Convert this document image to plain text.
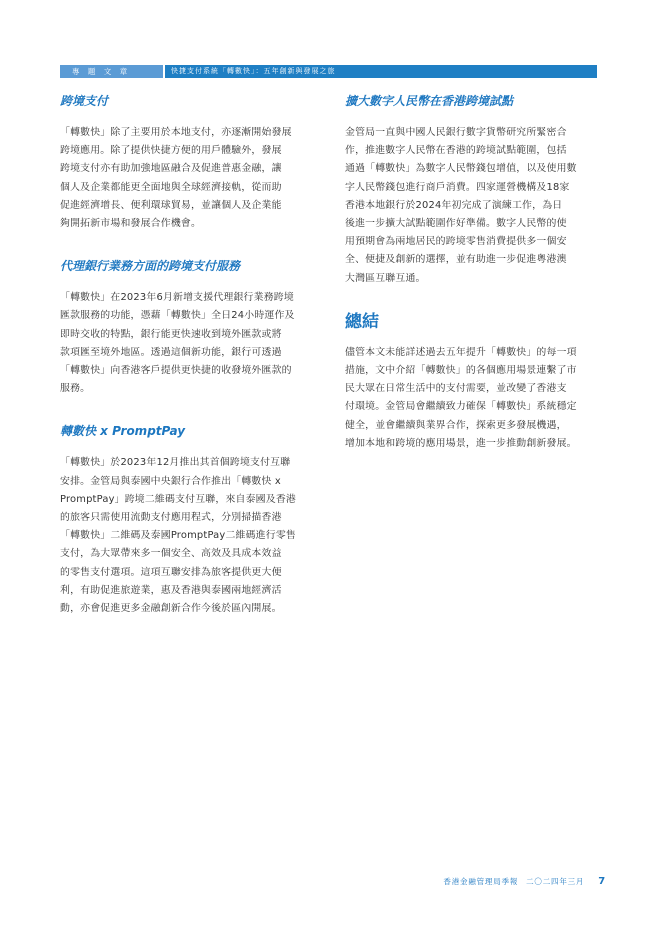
專 題 文 章	快捷支付系統「轉數快」：五年創新與發展之旅
跨境支付

「轉數快」除了主要用於本地支付，亦逐漸開始發展
跨境應用。除了提供快捷方便的用戶體驗外，發展
跨境支付亦有助加強地區融合及促進普惠金融，讓
個人及企業都能更全面地與全球經濟接軌，從而助
促進經濟增長、便利環球貿易，並讓個人及企業能
夠開拓新市場和發展合作機會。

代理銀行業務方面的跨境支付服務

「轉數快」在2023年6月新增支援代理銀行業務跨境
匯款服務的功能，憑藉「轉數快」全日24小時運作及
即時交收的特點，銀行能更快速收到境外匯款或將
款項匯至境外地區。透過這個新功能，銀行可透過
「轉數快」向香港客戶提供更快捷的收發境外匯款的
服務。

轉數快 x PromptPay

「轉數快」於2023年12月推出其首個跨境支付互聯
安排。金管局與泰國中央銀行合作推出「轉數快 x
PromptPay」跨境二維碼支付互聯，來自泰國及香港
的旅客只需使用流動支付應用程式，分別掃描香港
「轉數快」二維碼及泰國PromptPay二維碼進行零售
支付，為大眾帶來多一個安全、高效及具成本效益
的零售支付選項。這項互聯安排為旅客提供更大便
利，有助促進旅遊業，惠及香港與泰國兩地經濟活
動，亦會促進更多金融創新合作今後於區內開展。

擴大數字人民幣在香港跨境試點

金管局一直與中國人民銀行數字貨幣研究所緊密合
作，推進數字人民幣在香港的跨境試點範圍，包括
通過「轉數快」為數字人民幣錢包增值，以及使用數
字人民幣錢包進行商戶消費。四家運營機構及18家
香港本地銀行於2024年初完成了演練工作，為日
後進一步擴大試點範圍作好準備。數字人民幣的使
用預期會為兩地居民的跨境零售消費提供多一個安
全、便捷及創新的選擇，並有助進一步促進粵港澳
大灣區互聯互通。

總結

儘管本文未能詳述過去五年提升「轉數快」的每一項
措施，文中介紹「轉數快」的各個應用場景連繫了市
民大眾在日常生活中的支付需要，並改變了香港支
付環境。金管局會繼續致力確保「轉數快」系統穩定
健全，並會繼續與業界合作，探索更多發展機遇，
增加本地和跨境的應用場景，進一步推動創新發展。

香港金融管理局季報 二〇二四年三月 7
